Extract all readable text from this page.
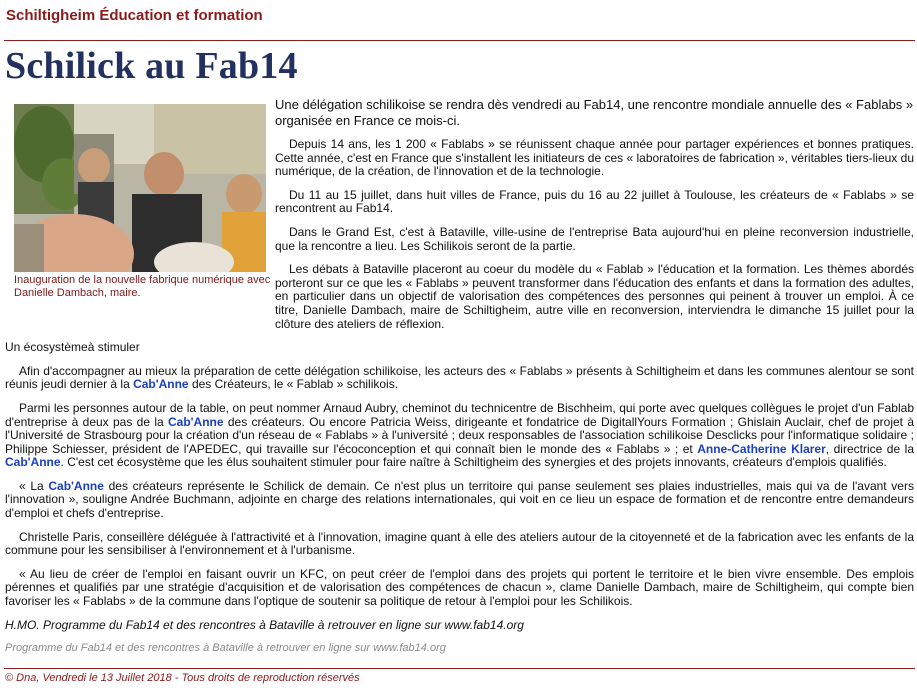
Schiltigheim Éducation et formation
Schilick au Fab14
Inauguration de la nouvelle fabrique numérique avec Danielle Dambach, maire.

Une délégation schilikoise se rendra dès vendredi au Fab14, une rencontre mondiale annuelle des « Fablabs » organisée en France ce mois-ci.

Depuis 14 ans, les 1 200 « Fablabs » se réunissent chaque année pour partager expériences et bonnes pratiques. Cette année, c'est en France que s'installent les initiateurs de ces « laboratoires de fabrication », véritables tiers-lieux du numérique, de la création, de l'innovation et de la technologie.

Du 11 au 15 juillet, dans huit villes de France, puis du 16 au 22 juillet à Toulouse, les créateurs de « Fablabs » se rencontrent au Fab14.

Dans le Grand Est, c'est à Bataville, ville-usine de l'entreprise Bata aujourd'hui en pleine reconversion industrielle, que la rencontre a lieu. Les Schilikois seront de la partie.

Les débats à Bataville placeront au coeur du modèle du « Fablab » l'éducation et la formation. Les thèmes abordés porteront sur ce que les « Fablabs » peuvent transformer dans l'éducation des enfants et dans la formation des adultes, en particulier dans un objectif de valorisation des compétences des personnes qui peinent à trouver un emploi. À ce titre, Danielle Dambach, maire de Schiltigheim, autre ville en reconversion, interviendra le dimanche 15 juillet pour la clôture des ateliers de réflexion.

Un écosystèmeà stimuler

Afin d'accompagner au mieux la préparation de cette délégation schilikoise, les acteurs des « Fablabs » présents à Schiltigheim et dans les communes alentour se sont réunis jeudi dernier à la Cab'Anne des Créateurs, le « Fablab » schilikois.

Parmi les personnes autour de la table, on peut nommer Arnaud Aubry, cheminot du technicentre de Bischheim, qui porte avec quelques collègues le projet d'un Fablab d'entreprise à deux pas de la Cab'Anne des créateurs. Ou encore Patricia Weiss, dirigeante et fondatrice de DigitallYours Formation ; Ghislain Auclair, chef de projet à l'Université de Strasbourg pour la création d'un réseau de « Fablabs » à l'université ; deux responsables de l'association schilikoise Desclicks pour l'informatique solidaire ; Philippe Schiesser, président de l'APEDEC, qui travaille sur l'écoconception et qui connaît bien le monde des « Fablabs » ; et Anne-Catherine Klarer, directrice de la Cab'Anne. C'est cet écosystème que les élus souhaitent stimuler pour faire naître à Schiltigheim des synergies et des projets innovants, créateurs d'emplois qualifiés.

« La Cab'Anne des créateurs représente le Schilick de demain. Ce n'est plus un territoire qui panse seulement ses plaies industrielles, mais qui va de l'avant vers l'innovation », souligne Andrée Buchmann, adjointe en charge des relations internationales, qui voit en ce lieu un espace de formation et de rencontre entre demandeurs d'emploi et chefs d'entreprise.

Christelle Paris, conseillère déléguée à l'attractivité et à l'innovation, imagine quant à elle des ateliers autour de la citoyenneté et de la fabrication avec les enfants de la commune pour les sensibiliser à l'environnement et à l'urbanisme.

« Au lieu de créer de l'emploi en faisant ouvrir un KFC, on peut créer de l'emploi dans des projets qui portent le territoire et le bien vivre ensemble. Des emplois pérennes et qualifiés par une stratégie d'acquisition et de valorisation des compétences de chacun », clame Danielle Dambach, maire de Schiltigheim, qui compte bien favoriser les « Fablabs » de la commune dans l'optique de soutenir sa politique de retour à l'emploi pour les Schilikois.

H.MO. Programme du Fab14 et des rencontres à Bataville à retrouver en ligne sur www.fab14.org

Programme du Fab14 et des rencontres à Bataville à retrouver en ligne sur www.fab14.org

© Dna, Vendredi le 13 Juillet 2018 - Tous droits de reproduction réservés
